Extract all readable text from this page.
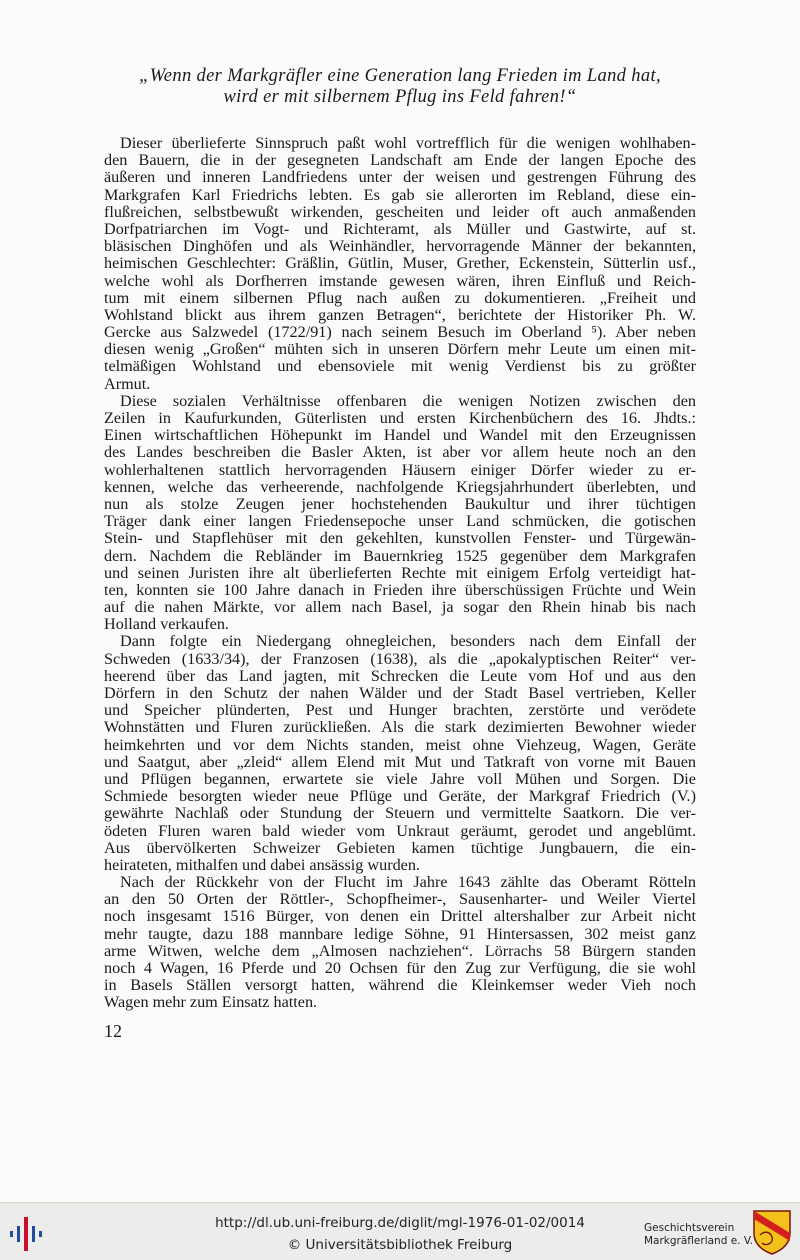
„Wenn der Markgräfler eine Generation lang Frieden im Land hat,
wird er mit silbernem Pflug ins Feld fahren!“
Dieser überlieferte Sinnspruch paßt wohl vortrefflich für die wenigen wohlhaben-
den Bauern, die in der gesegneten Landschaft am Ende der langen Epoche des
äußeren und inneren Landfriedens unter der weisen und gestrengen Führung des
Markgrafen Karl Friedrichs lebten. Es gab sie allerorten im Rebland, diese ein-
flußreichen, selbstbewußt wirkenden, gescheiten und leider oft auch anmaßenden
Dorfpatriarchen im Vogt- und Richteramt, als Müller und Gastwirte, auf st.
bläsischen Dinghöfen und als Weinhändler, hervorragende Männer der bekannten,
heimischen Geschlechter: Gräßlin, Gütlin, Muser, Grether, Eckenstein, Sütterlin usf.,
welche wohl als Dorfherren imstande gewesen wären, ihren Einfluß und Reich-
tum mit einem silbernen Pflug nach außen zu dokumentieren. „Freiheit und
Wohlstand blickt aus ihrem ganzen Betragen“, berichtete der Historiker Ph. W.
Gercke aus Salzwedel (1722/91) nach seinem Besuch im Oberland ⁵). Aber neben
diesen wenig „Großen“ mühten sich in unseren Dörfern mehr Leute um einen mit-
telmäßigen Wohlstand und ebensoviele mit wenig Verdienst bis zu größter
Armut.
Diese sozialen Verhältnisse offenbaren die wenigen Notizen zwischen den
Zeilen in Kaufurkunden, Güterlisten und ersten Kirchenbüchern des 16. Jhdts.:
Einen wirtschaftlichen Höhepunkt im Handel und Wandel mit den Erzeugnissen
des Landes beschreiben die Basler Akten, ist aber vor allem heute noch an den
wohlerhaltenen stattlich hervorragenden Häusern einiger Dörfer wieder zu er-
kennen, welche das verheerende, nachfolgende Kriegsjahrhundert überlebten, und
nun als stolze Zeugen jener hochstehenden Baukultur und ihrer tüchtigen
Träger dank einer langen Friedensepoche unser Land schmücken, die gotischen
Stein- und Stapflehüser mit den gekehlten, kunstvollen Fenster- und Türgewän-
dern. Nachdem die Rebländer im Bauernkrieg 1525 gegenüber dem Markgrafen
und seinen Juristen ihre alt überlieferten Rechte mit einigem Erfolg verteidigt hat-
ten, konnten sie 100 Jahre danach in Frieden ihre überschüssigen Früchte und Wein
auf die nahen Märkte, vor allem nach Basel, ja sogar den Rhein hinab bis nach
Holland verkaufen.
Dann folgte ein Niedergang ohnegleichen, besonders nach dem Einfall der
Schweden (1633/34), der Franzosen (1638), als die „apokalyptischen Reiter“ ver-
heerend über das Land jagten, mit Schrecken die Leute vom Hof und aus den
Dörfern in den Schutz der nahen Wälder und der Stadt Basel vertrieben, Keller
und Speicher plünderten, Pest und Hunger brachten, zerstörte und verödete
Wohnstätten und Fluren zurückließen. Als die stark dezimierten Bewohner wieder
heimkehrten und vor dem Nichts standen, meist ohne Viehzeug, Wagen, Geräte
und Saatgut, aber „zleid“ allem Elend mit Mut und Tatkraft von vorne mit Bauen
und Pflügen begannen, erwartete sie viele Jahre voll Mühen und Sorgen. Die
Schmiede besorgten wieder neue Pflüge und Geräte, der Markgraf Friedrich (V.)
gewährte Nachlaß oder Stundung der Steuern und vermittelte Saatkorn. Die ver-
ödeten Fluren waren bald wieder vom Unkraut geräumt, gerodet und angeblümt.
Aus übervölkerten Schweizer Gebieten kamen tüchtige Jungbauern, die ein-
heirateten, mithalfen und dabei ansässig wurden.
Nach der Rückkehr von der Flucht im Jahre 1643 zählte das Oberamt Rötteln
an den 50 Orten der Röttler-, Schopfheimer-, Sausenharter- und Weiler Viertel
noch insgesamt 1516 Bürger, von denen ein Drittel altershalber zur Arbeit nicht
mehr taugte, dazu 188 mannbare ledige Söhne, 91 Hintersassen, 302 meist ganz
arme Witwen, welche dem „Almosen nachziehen“. Lörrachs 58 Bürgern standen
noch 4 Wagen, 16 Pferde und 20 Ochsen für den Zug zur Verfügung, die sie wohl
in Basels Ställen versorgt hatten, während die Kleinkemser weder Vieh noch
Wagen mehr zum Einsatz hatten.
12
http://dl.ub.uni-freiburg.de/diglit/mgl-1976-01-02/0014
© Universitätsbibliothek Freiburg
Geschichtsverein
Markgräflerland e. V.
